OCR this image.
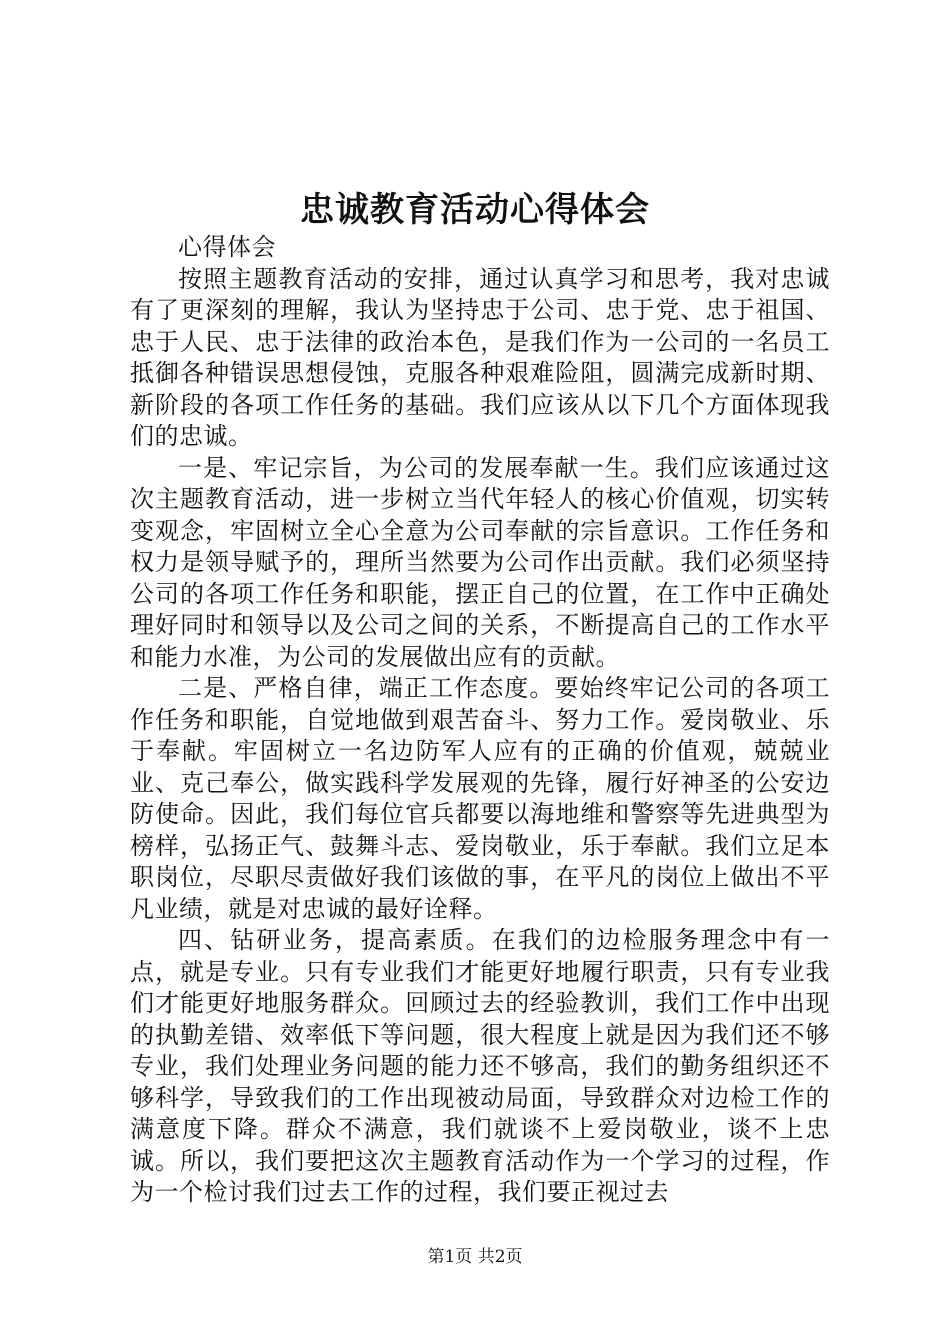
忠诚教育活动心得体会

心得体会

按照主题教育活动的安排，通过认真学习和思考，我对忠诚有了更深刻的理解，我认为坚持忠于公司、忠于党、忠于祖国、忠于人民、忠于法律的政治本色，是我们作为一公司的一名员工抵御各种错误思想侵蚀，克服各种艰难险阻，圆满完成新时期、新阶段的各项工作任务的基础。我们应该从以下几个方面体现我们的忠诚。

一是、牢记宗旨，为公司的发展奉献一生。我们应该通过这次主题教育活动，进一步树立当代年轻人的核心价值观，切实转变观念，牢固树立全心全意为公司奉献的宗旨意识。工作任务和权力是领导赋予的，理所当然要为公司作出贡献。我们必须坚持公司的各项工作任务和职能，摆正自己的位置，在工作中正确处理好同时和领导以及公司之间的关系，不断提高自己的工作水平和能力水准，为公司的发展做出应有的贡献。

二是、严格自律，端正工作态度。要始终牢记公司的各项工作任务和职能，自觉地做到艰苦奋斗、努力工作。爱岗敬业、乐于奉献。牢固树立一名边防军人应有的正确的价值观，兢兢业业、克己奉公，做实践科学发展观的先锋，履行好神圣的公安边防使命。因此，我们每位官兵都要以海地维和警察等先进典型为榜样，弘扬正气、鼓舞斗志、爱岗敬业，乐于奉献。我们立足本职岗位，尽职尽责做好我们该做的事，在平凡的岗位上做出不平凡业绩，就是对忠诚的最好诠释。

四、钻研业务，提高素质。在我们的边检服务理念中有一点，就是专业。只有专业我们才能更好地履行职责，只有专业我们才能更好地服务群众。回顾过去的经验教训，我们工作中出现的执勤差错、效率低下等问题，很大程度上就是因为我们还不够专业，我们处理业务问题的能力还不够高，我们的勤务组织还不够科学，导致我们的工作出现被动局面，导致群众对边检工作的满意度下降。群众不满意，我们就谈不上爱岗敬业，谈不上忠诚。所以，我们要把这次主题教育活动作为一个学习的过程，作为一个检讨我们过去工作的过程，我们要正视过去

第1页 共2页
